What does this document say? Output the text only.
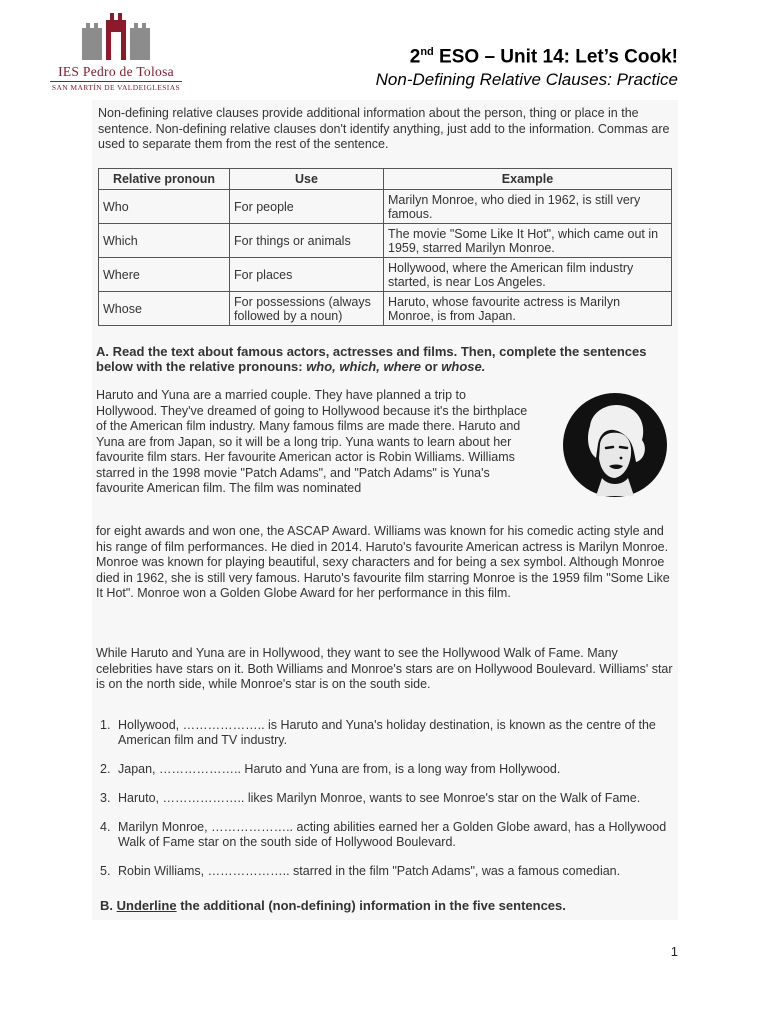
IES Pedro de Tolosa
SAN MARTÍN DE VALDEIGLESIAS
2nd ESO – Unit 14: Let’s Cook!
Non-Defining Relative Clauses: Practice
Non-defining relative clauses provide additional information about the person, thing or place in the sentence. Non-defining relative clauses don't identify anything, just add to the information. Commas are used to separate them from the rest of the sentence.
Relative pronoun	Use	Example
Who	For people	Marilyn Monroe, who died in 1962, is still very famous.
Which	For things or animals	The movie "Some Like It Hot", which came out in 1959, starred Marilyn Monroe.
Where	For places	Hollywood, where the American film industry started, is near Los Angeles.
Whose	For possessions (always followed by a noun)	Haruto, whose favourite actress is Marilyn Monroe, is from Japan.
A. Read the text about famous actors, actresses and films. Then, complete the sentences below with the relative pronouns: who, which, where or whose.
Haruto and Yuna are a married couple. They have planned a trip to Hollywood. They've dreamed of going to Hollywood because it's the birthplace of the American film industry. Many famous films are made there. Haruto and Yuna are from Japan, so it will be a long trip. Yuna wants to learn about her favourite film stars. Her favourite American actor is Robin Williams. Williams starred in the 1998 movie "Patch Adams", and "Patch Adams" is Yuna's favourite American film. The film was nominated
for eight awards and won one, the ASCAP Award. Williams was known for his comedic acting style and his range of film performances. He died in 2014. Haruto's favourite American actress is Marilyn Monroe. Monroe was known for playing beautiful, sexy characters and for being a sex symbol. Although Monroe died in 1962, she is still very famous. Haruto's favourite film starring Monroe is the 1959 film "Some Like It Hot". Monroe won a Golden Globe Award for her performance in this film.
While Haruto and Yuna are in Hollywood, they want to see the Hollywood Walk of Fame. Many celebrities have stars on it. Both Williams and Monroe's stars are on Hollywood Boulevard. Williams' star is on the north side, while Monroe's star is on the south side.
1. Hollywood, ……………….. is Haruto and Yuna's holiday destination, is known as the centre of the American film and TV industry.
2. Japan, ……………….. Haruto and Yuna are from, is a long way from Hollywood.
3. Haruto, ……………….. likes Marilyn Monroe, wants to see Monroe's star on the Walk of Fame.
4. Marilyn Monroe, ……………….. acting abilities earned her a Golden Globe award, has a Hollywood Walk of Fame star on the south side of Hollywood Boulevard.
5. Robin Williams, ……………….. starred in the film "Patch Adams", was a famous comedian.
B. Underline the additional (non-defining) information in the five sentences.
1
